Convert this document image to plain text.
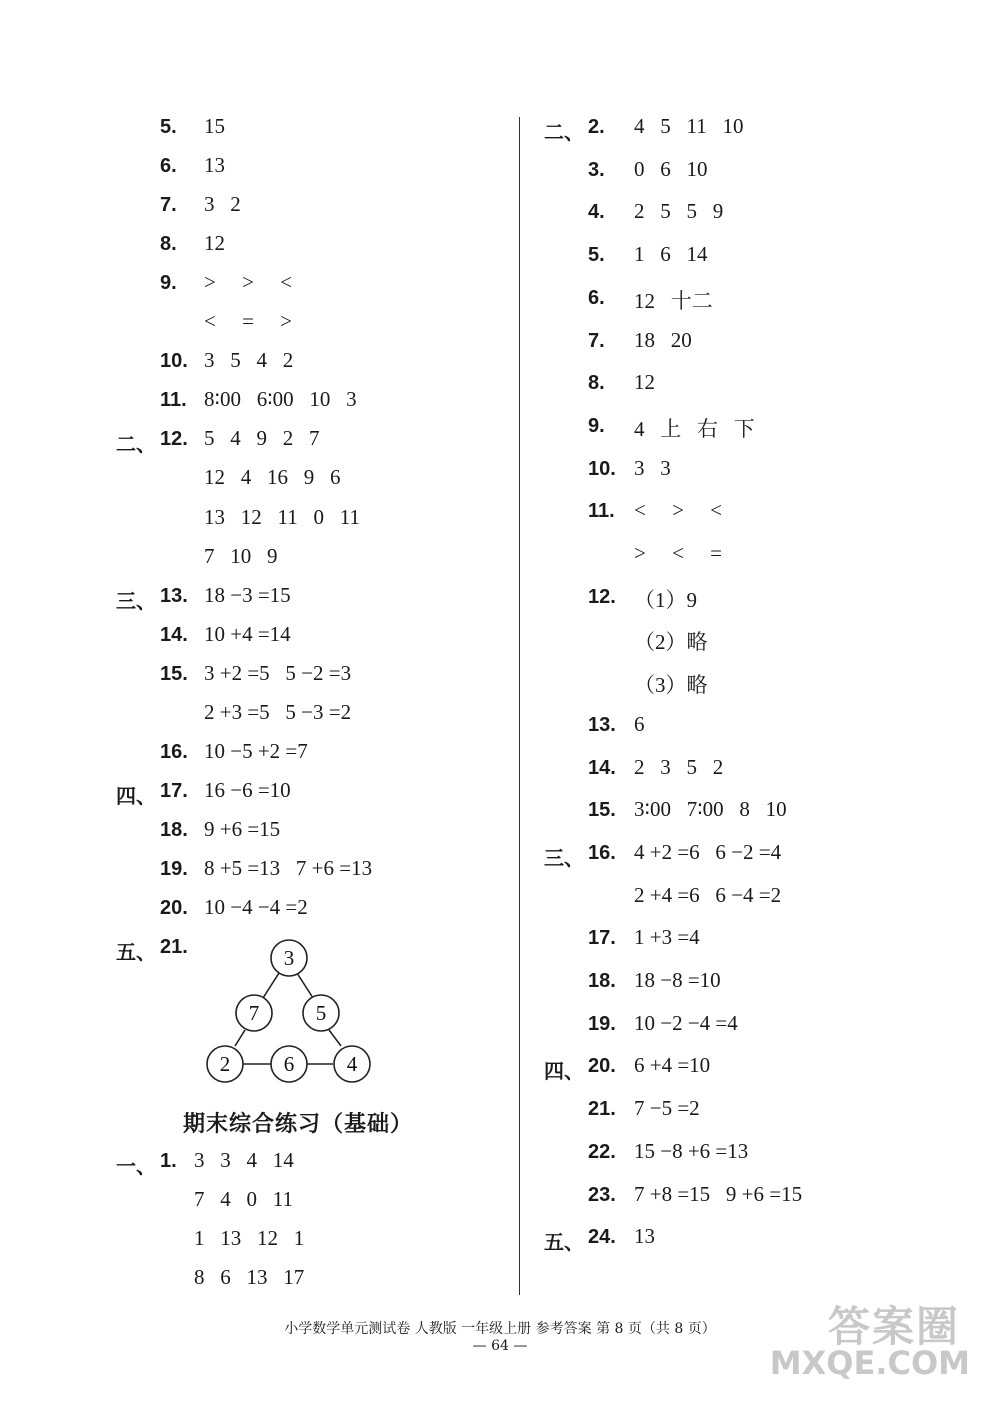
5. 15
6. 13
7. 3   2
8. 12
9. >     >     <
<     =     >
10. 3   5   4   2
11. 8∶00   6∶00   10   3
二、 12. 5   4   9   2   7
12   4   16   9   6
13   12   11   0   11
7   10   9
三、 13. 18 −3 =15
14. 10 +4 =14
15. 3 +2 =5   5 −2 =3
2 +3 =5   5 −3 =2
16. 10 −5 +2 =7
四、 17. 16 −6 =10
18. 9 +6 =15
19. 8 +5 =13   7 +6 =13
20. 10 −4 −4 =2
五、 21.	3
7	5
2	6	4
期末综合练习（基础）
一、 1. 3   3   4   14
7   4   0   11
1   13   12   1
8   6   13   17
二、 2. 4   5   11   10
3. 0   6   10
4. 2   5   5   9
5. 1   6   14
6. 12   十二
7. 18   20
8. 12
9. 4   上   右   下
10. 3   3
11. <     >     <
>     <     =
12. （1）9
（2）略
（3）略
13. 6
14. 2   3   5   2
15. 3∶00   7∶00   8   10
三、 16. 4 +2 =6   6 −2 =4
2 +4 =6   6 −4 =2
17. 1 +3 =4
18. 18 −8 =10
19. 10 −2 −4 =4
四、 20. 6 +4 =10
21. 7 −5 =2
22. 15 −8 +6 =13
23. 7 +8 =15   9 +6 =15
五、 24. 13
小学数学单元测试卷 人教版 一年级上册 参考答案 第 8 页（共 8 页）
— 64 —	答案圈
MXQE.COM
